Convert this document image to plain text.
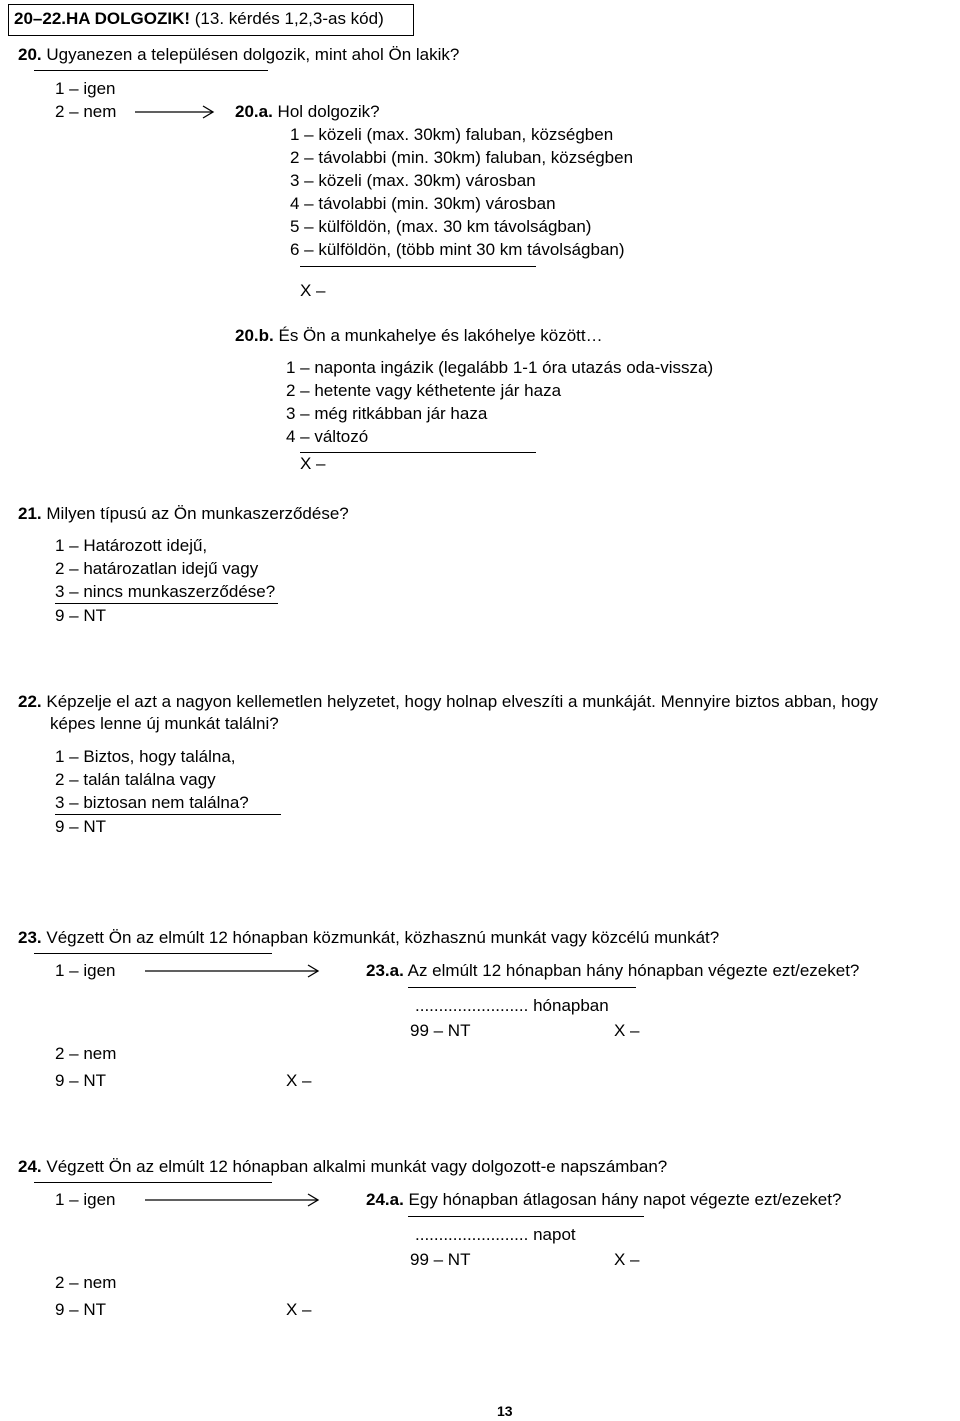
20–22.HA DOLGOZIK! (13. kérdés 1,2,3-as kód)
20. Ugyanezen a településen dolgozik, mint ahol Ön lakik?
1 – igen
2 – nem	20.a. Hol dolgozik?
1 – közeli (max. 30km) faluban, községben
2 – távolabbi (min. 30km) faluban, községben
3 – közeli (max. 30km) városban
4 – távolabbi (min. 30km) városban
5 – külföldön, (max. 30 km távolságban)
6 – külföldön, (több mint 30 km távolságban)
X –
20.b. És Ön a munkahelye és lakóhelye között…
1 – naponta ingázik (legalább 1-1 óra utazás oda-vissza)
2 – hetente vagy kéthetente jár haza
3 – még ritkábban jár haza
4 – változó
X –
21. Milyen típusú az Ön munkaszerződése?
1 – Határozott idejű,
2 – határozatlan idejű vagy
3 – nincs munkaszerződése?
9 – NT
22. Képzelje el azt a nagyon kellemetlen helyzetet, hogy holnap elveszíti a munkáját. Mennyire biztos abban, hogy
képes lenne új munkát találni?
1 – Biztos, hogy találna,
2 – talán találna vagy
3 – biztosan nem találna?
9 – NT
23. Végzett Ön az elmúlt 12 hónapban közmunkát, közhasznú munkát vagy közcélú munkát?
1 – igen
2 – nem
9 – NT	X –
23.a. Az elmúlt 12 hónapban hány hónapban végezte ezt/ezeket?
........................ hónapban
99 – NT	X –
24. Végzett Ön az elmúlt 12 hónapban alkalmi munkát vagy dolgozott-e napszámban?
1 – igen
2 – nem
9 – NT	X –
24.a. Egy hónapban átlagosan hány napot végezte ezt/ezeket?
........................ napot
99 – NT	X –
13
